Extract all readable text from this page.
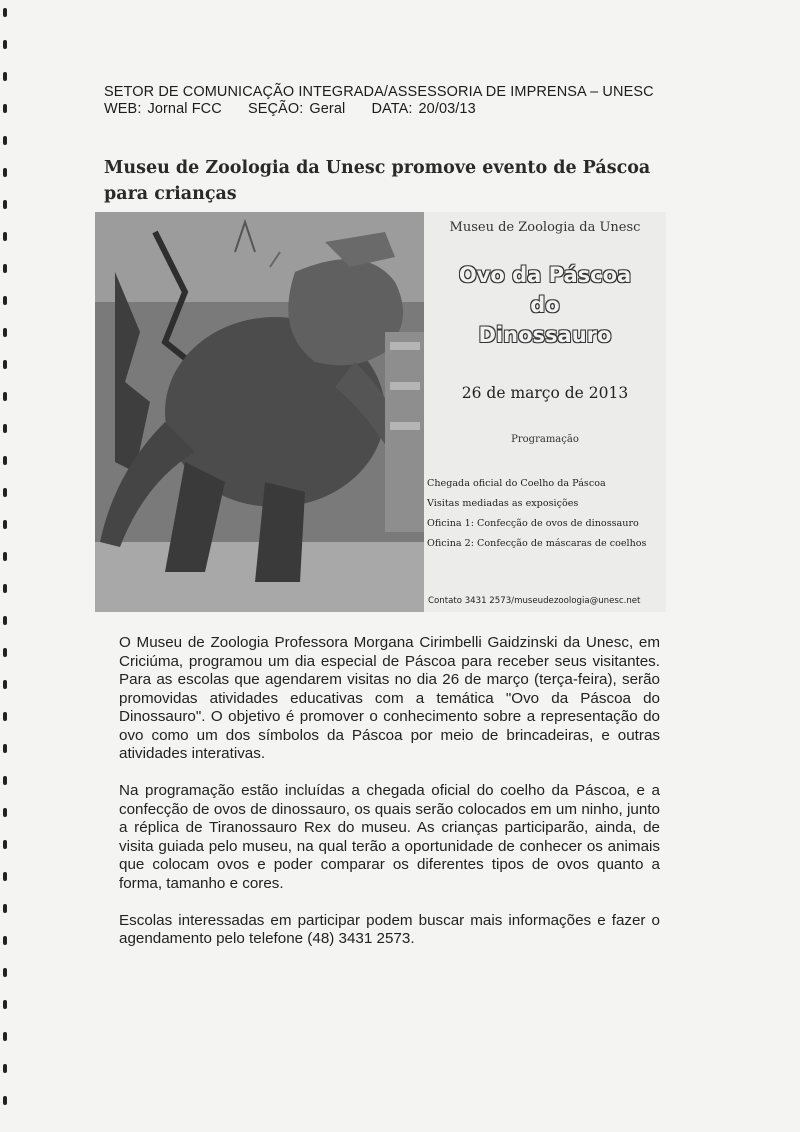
SETOR DE COMUNICAÇÃO INTEGRADA/ASSESSORIA DE IMPRENSA – UNESC
WEB: Jornal FCC SEÇÃO: Geral DATA: 20/03/13
Museu de Zoologia da Unesc promove evento de Páscoa
para crianças
Museu de Zoologia da Unesc
Ovo da Páscoa
do
Dinossauro
26 de março de 2013
Programação
Chegada oficial do Coelho da Páscoa
Visitas mediadas as exposições
Oficina 1: Confecção de ovos de dinossauro
Oficina 2: Confecção de máscaras de coelhos
Contato 3431 2573/museudezoologia@unesc.net

O Museu de Zoologia Professora Morgana Cirimbelli Gaidzinski da Unesc, em Criciúma, programou um dia especial de Páscoa para receber seus visitantes. Para as escolas que agendarem visitas no dia 26 de março (terça-feira), serão promovidas atividades educativas com a temática "Ovo da Páscoa do Dinossauro". O objetivo é promover o conhecimento sobre a representação do ovo como um dos símbolos da Páscoa por meio de brincadeiras, e outras atividades interativas.

Na programação estão incluídas a chegada oficial do coelho da Páscoa, e a confecção de ovos de dinossauro, os quais serão colocados em um ninho, junto a réplica de Tiranossauro Rex do museu. As crianças participarão, ainda, de visita guiada pelo museu, na qual terão a oportunidade de conhecer os animais que colocam ovos e poder comparar os diferentes tipos de ovos quanto a forma, tamanho e cores.

Escolas interessadas em participar podem buscar mais informações e fazer o agendamento pelo telefone (48) 3431 2573.
